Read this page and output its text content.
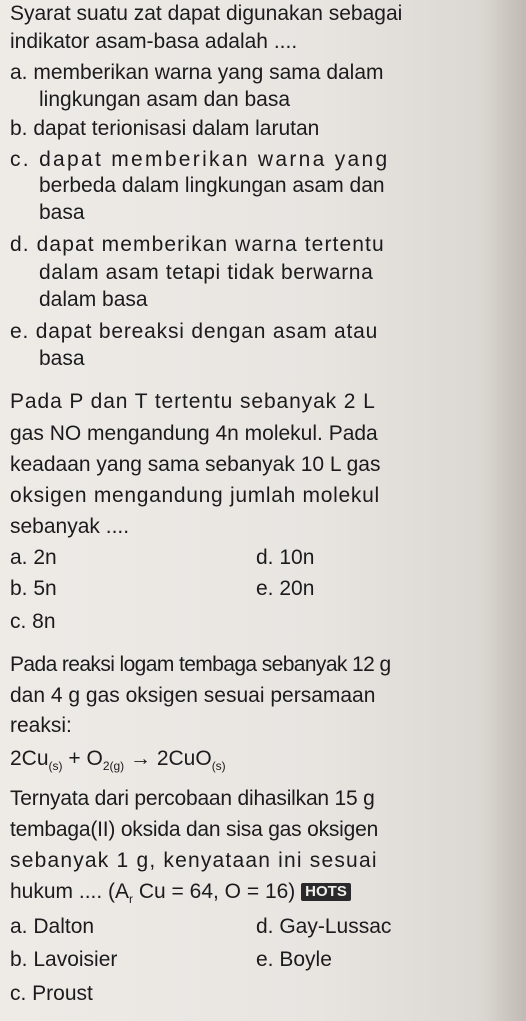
Syarat suatu zat dapat digunakan sebagai
indikator asam-basa adalah ....
a. memberikan warna yang sama dalam
lingkungan asam dan basa
b. dapat terionisasi dalam larutan
c. dapat memberikan warna yang
berbeda dalam lingkungan asam dan
basa
d. dapat memberikan warna tertentu
dalam asam tetapi tidak berwarna
dalam basa
e. dapat bereaksi dengan asam atau
basa
Pada P dan T tertentu sebanyak 2 L
gas NO mengandung 4n molekul. Pada
keadaan yang sama sebanyak 10 L gas
oksigen mengandung jumlah molekul
sebanyak ....
a. 2n
b. 5n
c. 8n
d. 10n
e. 20n
Pada reaksi logam tembaga sebanyak 12 g
dan 4 g gas oksigen sesuai persamaan
reaksi:
$2Cu_{(s)} + O_{2(g)} \to 2CuO_{(s)}$
Ternyata dari percobaan dihasilkan 15 g
tembaga(II) oksida dan sisa gas oksigen
sebanyak 1 g, kenyataan ini sesuai
hukum .... ($A_r$ Cu = 64, O = 16) HOTS
a. Dalton
b. Lavoisier
c. Proust
d. Gay-Lussac
e. Boyle
